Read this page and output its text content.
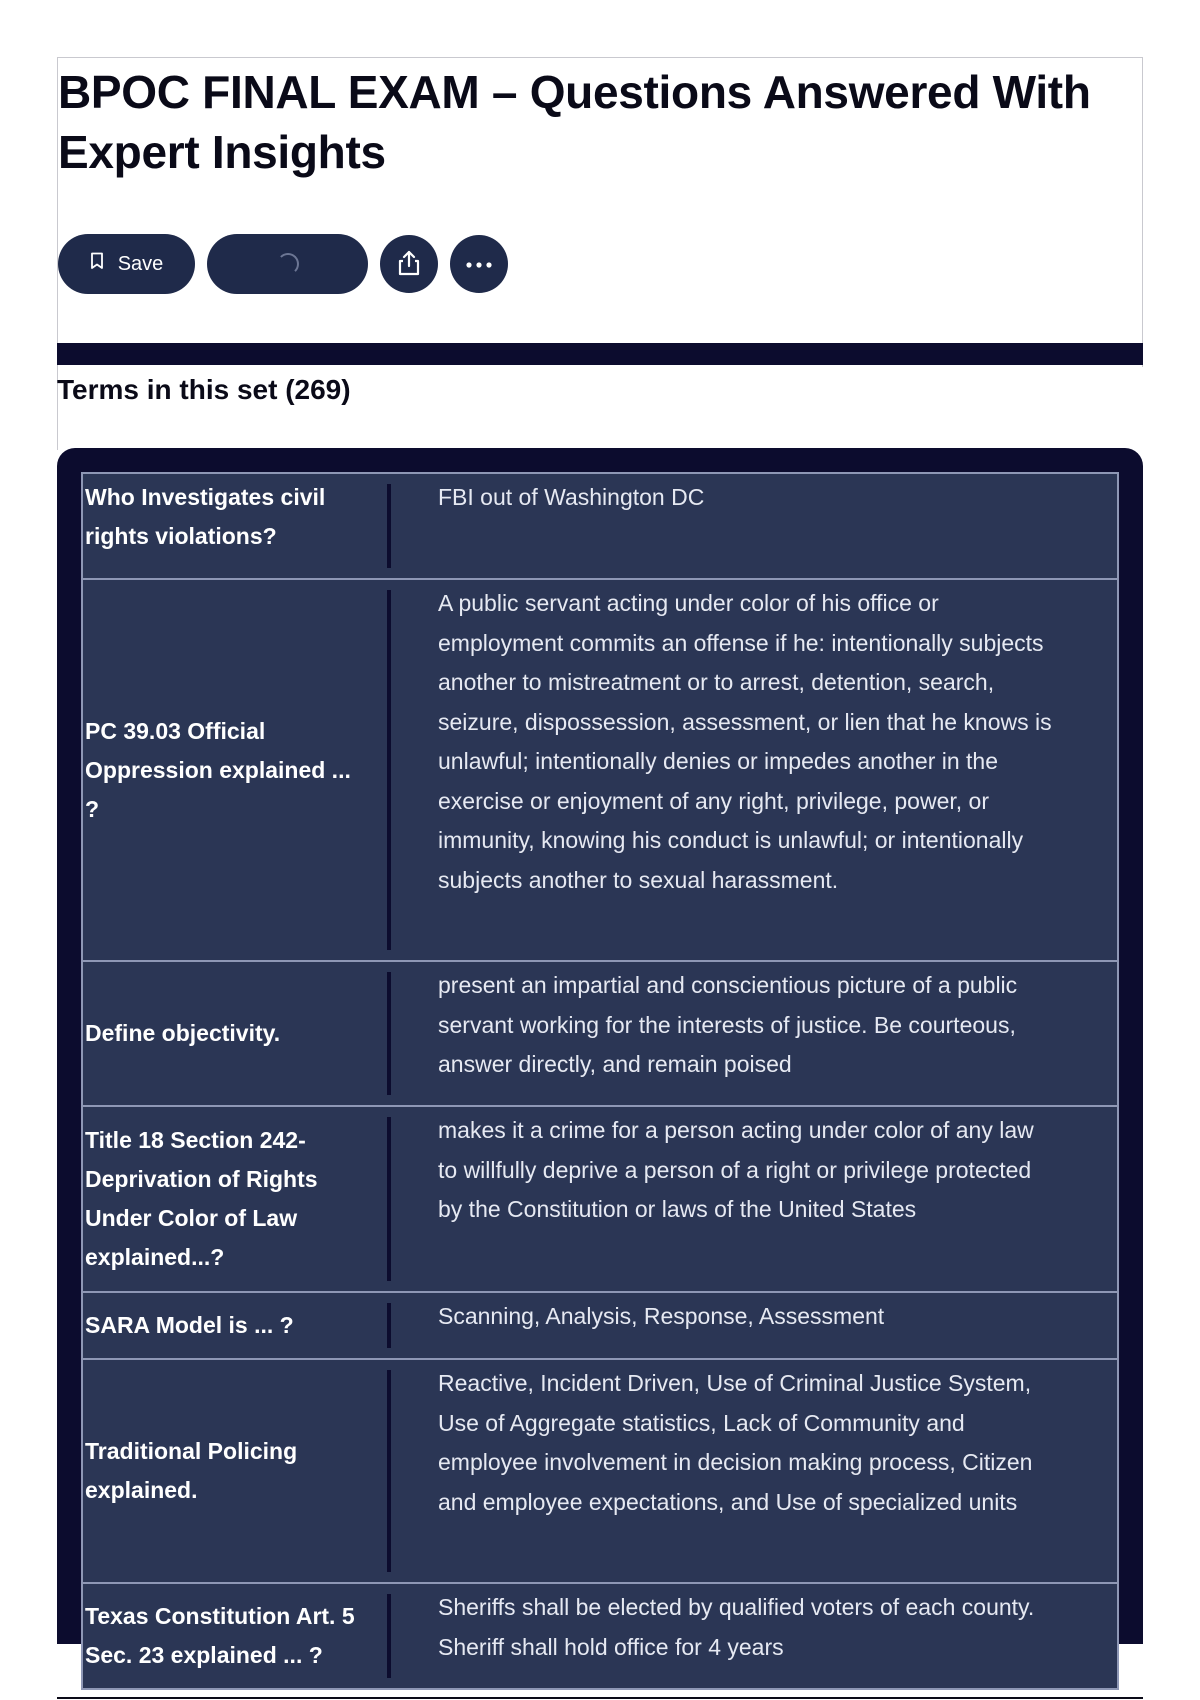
BPOC FINAL EXAM – Questions Answered With Expert Insights
Save
Terms in this set (269)
Who Investigates civil rights violations?	FBI out of Washington DC
PC 39.03 Official Oppression explained ... ?	A public servant acting under color of his office or employment commits an offense if he: intentionally subjects another to mistreatment or to arrest, detention, search, seizure, dispossession, assessment, or lien that he knows is unlawful; intentionally denies or impedes another in the exercise or enjoyment of any right, privilege, power, or immunity, knowing his conduct is unlawful; or intentionally subjects another to sexual harassment.
Define objectivity.	present an impartial and conscientious picture of a public servant working for the interests of justice. Be courteous, answer directly, and remain poised
Title 18 Section 242- Deprivation of Rights Under Color of Law explained...?	makes it a crime for a person acting under color of any law to willfully deprive a person of a right or privilege protected by the Constitution or laws of the United States
SARA Model is ... ?	Scanning, Analysis, Response, Assessment
Traditional Policing explained.	Reactive, Incident Driven, Use of Criminal Justice System, Use of Aggregate statistics, Lack of Community and employee involvement in decision making process, Citizen and employee expectations, and Use of specialized units
Texas Constitution Art. 5 Sec. 23 explained ... ?	Sheriffs shall be elected by qualified voters of each county. Sheriff shall hold office for 4 years
